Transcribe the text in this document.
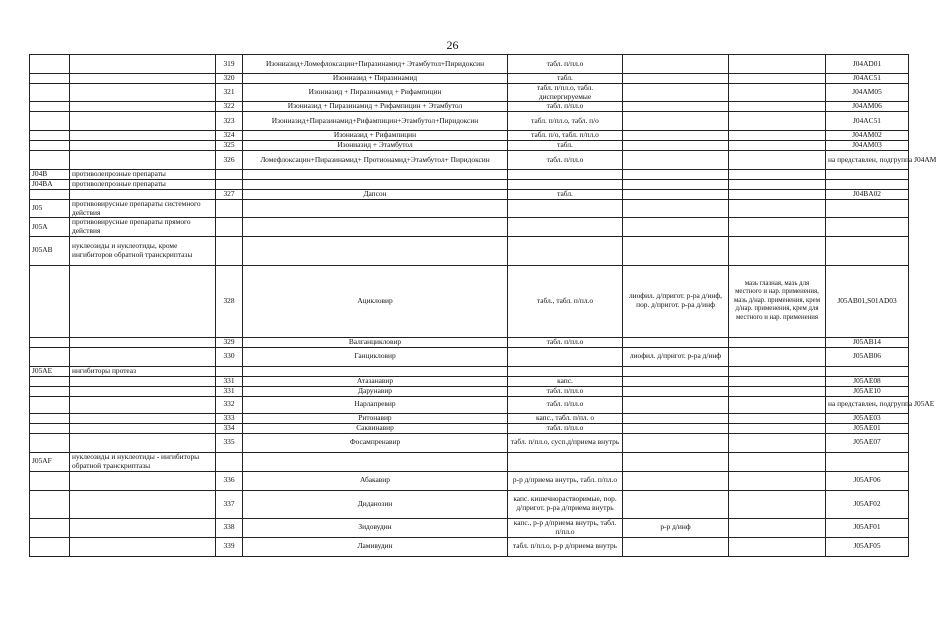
26
		319	Изониазид+Ломефлоксацин+Пиразинамид+ Этамбутол+Пиридоксин	табл. п/пл.о			J04AD01
		320	Изониазид + Пиразинамид	табл.			J04AC51
		321	Изониазид + Пиразинамид + Рифампицин	табл. п/пл.о, табл. диспергируемые			J04AM05
		322	Изониазид + Пиразинамид + Рифампицин + Этамбутол	табл. п/пл.о			J04AM06
		323	Изониазид+Пиразинамид+Рифампицин+Этамбутол+Пиридоксин	табл. п/пл.о, табл. п/о			J04AC51
		324	Изониазид + Рифампицин	табл. п/о, табл. п/пл.о			J04AM02
		325	Изониазид + Этамбутол	табл.			J04AM03
		326	Ломефлоксацин+Пиразинамид+ Протионамид+Этамбутол+ Пиридоксин	табл. п/пл.о			на представлен, подгруппа J04AM
J04B	противолепрозные препараты						
J04BA	противолепрозные препараты						
		327	Дапсон	табл.			J04BA02
J05	противовирусные препараты системного действия						
J05A	противовирусные препараты прямого действия						
J05AB	нуклеозиды и нуклеотиды, кроме ингибиторов обратной транскриптазы						
		328	Ацикловир	табл., табл. п/пл.о	лиофил. д/пригот. р-ра д/инф, пор. д/пригот. р-ра д/инф	мазь глазная, мазь для местного и нар. применения, мазь д/нар. применения, крем д/нар. применения, крем для местного и нар. применения	J05AB01,S01AD03
		329	Валганцикловир	табл. п/пл.о			J05AB14
		330	Ганцикловир		лиофил. д/пригот. р-ра д/инф		J05AB06
J05AE	ингибиторы протеаз						
		331	Атазанавир	капс.			J05AE08
		331	Дарунавир	табл. п/пл.о			J05AE10
		332	Нарлапревир	табл. п/пл.о			на представлен, подгруппа J05AE
		333	Ритонавир	капс., табл. п/пл. о			J05AE03
		334	Саквинавир	табл. п/пл.о			J05AE01
		335	Фосампренавир	табл. п/пл.о, сусп.д/приема внутрь			J05AE07
J05AF	нуклеозиды и нуклеотиды - ингибиторы обратной транскриптазы						
		336	Абакавир	р-р д/приема внутрь, табл. п/пл.о			J05AF06
		337	Диданозин	капс. кишечнорастворимые, пор. д/пригот. р-ра д/приема внутрь			J05AF02
		338	Зидовудин	капс., р-р д/приема внутрь, табл. п/пл.о	р-р д/инф		J05AF01
		339	Ламивудин	табл. п/пл.о, р-р д/приема внутрь			J05AF05
